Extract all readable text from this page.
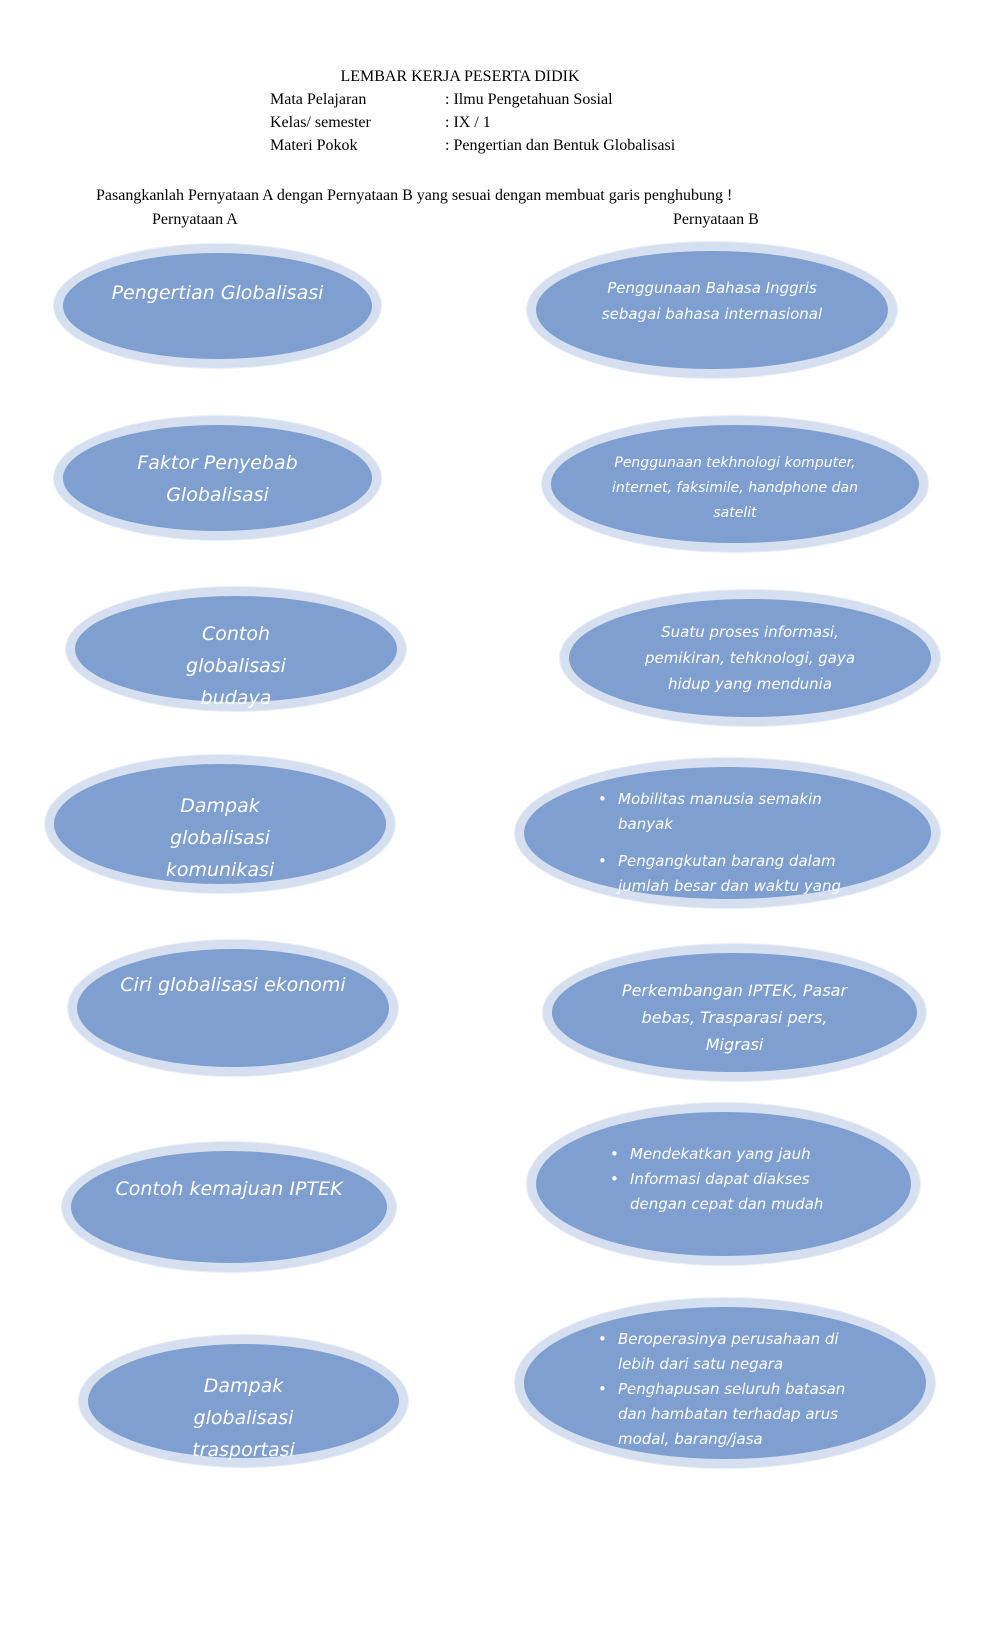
LEMBAR KERJA PESERTA DIDIK
Mata Pelajaran	: Ilmu Pengetahuan Sosial
Kelas/ semester	: IX / 1
Materi Pokok	: Pengertian dan Bentuk Globalisasi
Pasangkanlah Pernyataan A dengan Pernyataan B yang sesuai dengan membuat garis penghubung !
Pernyataan A	Pernyataan B
Pengertian Globalisasi
Faktor Penyebab Globalisasi
Contoh globalisasi budaya
Dampak globalisasi komunikasi
Ciri globalisasi ekonomi
Contoh kemajuan IPTEK
Dampak globalisasi trasportasi
Penggunaan Bahasa Inggris sebagai bahasa internasional
Penggunaan tekhnologi komputer, internet, faksimile, handphone dan satelit
Suatu proses informasi, pemikiran, tehknologi, gaya hidup yang mendunia
• Mobilitas manusia semakin banyak
• Pengangkutan barang dalam jumlah besar dan waktu yang singkat
Perkembangan IPTEK, Pasar bebas, Trasparasi pers, Migrasi
• Mendekatkan yang jauh
• Informasi dapat diakses dengan cepat dan mudah
• Beroperasinya perusahaan di lebih dari satu negara
• Penghapusan seluruh batasan dan hambatan terhadap arus modal, barang/jasa
